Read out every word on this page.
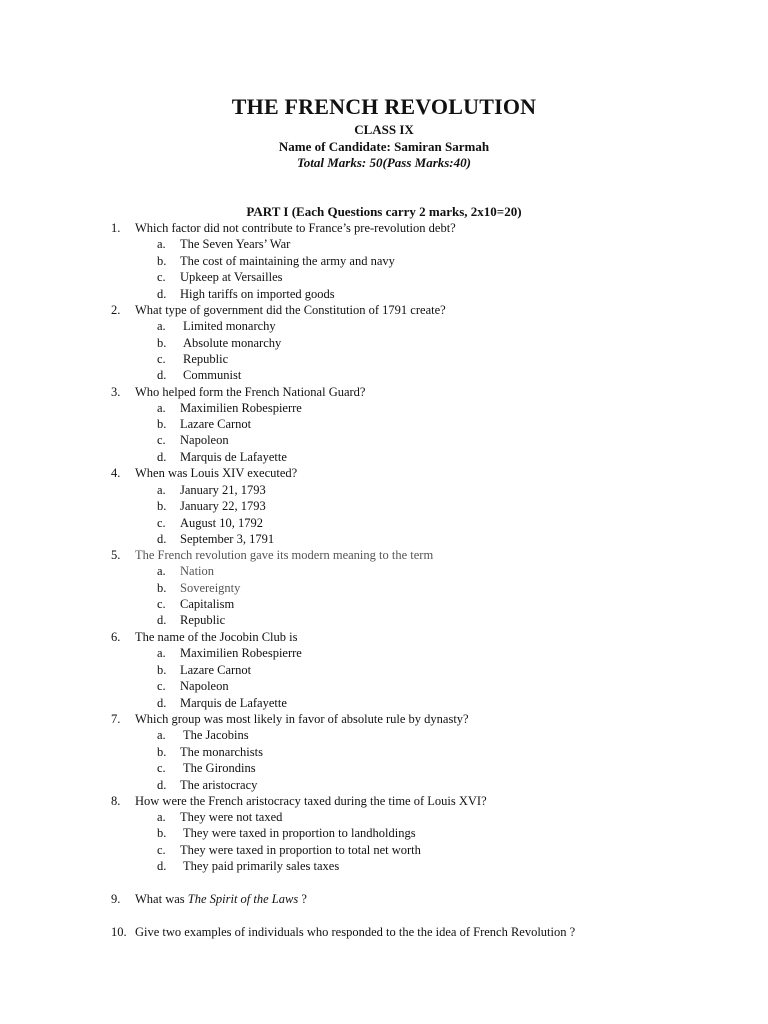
THE FRENCH REVOLUTION
CLASS IX
Name of Candidate: Samiran Sarmah
Total Marks: 50(Pass Marks:40)
PART I (Each Questions carry 2 marks, 2x10=20)
1. Which factor did not contribute to France’s pre-revolution debt?
a. The Seven Years’ War
b. The cost of maintaining the army and navy
c. Upkeep at Versailles
d. High tariffs on imported goods
2. What type of government did the Constitution of 1791 create?
a. Limited monarchy
b. Absolute monarchy
c. Republic
d. Communist
3. Who helped form the French National Guard?
a. Maximilien Robespierre
b. Lazare Carnot
c. Napoleon
d. Marquis de Lafayette
4. When was Louis XIV executed?
a. January 21, 1793
b. January 22, 1793
c. August 10, 1792
d. September 3, 1791
5. The French revolution gave its modern meaning to the term
a. Nation
b. Sovereignty
c. Capitalism
d. Republic
6. The name of the Jocobin Club is
a. Maximilien Robespierre
b. Lazare Carnot
c. Napoleon
d. Marquis de Lafayette
7. Which group was most likely in favor of absolute rule by dynasty?
a. The Jacobins
b. The monarchists
c. The Girondins
d. The aristocracy
8. How were the French aristocracy taxed during the time of Louis XVI?
a. They were not taxed
b. They were taxed in proportion to landholdings
c. They were taxed in proportion to total net worth
d. They paid primarily sales taxes
9. What was The Spirit of the Laws ?
10. Give two examples of individuals who responded to the the idea of French Revolution ?
